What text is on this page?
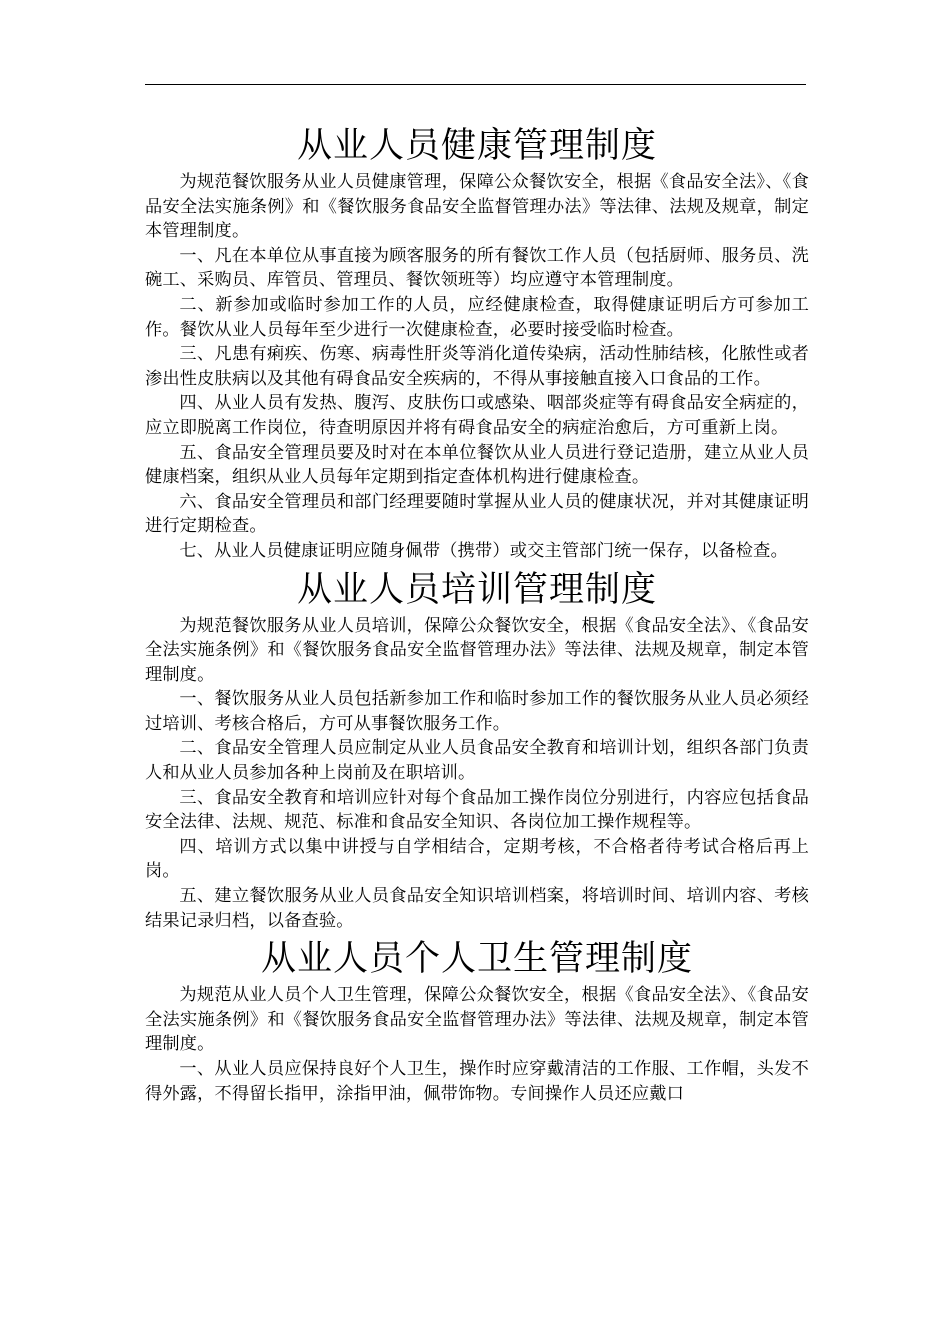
从业人员健康管理制度

为规范餐饮服务从业人员健康管理，保障公众餐饮安全，根据《食品安全法》、《食品安全法实施条例》和《餐饮服务食品安全监督管理办法》等法律、法规及规章，制定本管理制度。

一、凡在本单位从事直接为顾客服务的所有餐饮工作人员（包括厨师、服务员、洗碗工、采购员、库管员、管理员、餐饮领班等）均应遵守本管理制度。

二、新参加或临时参加工作的人员，应经健康检查，取得健康证明后方可参加工作。餐饮从业人员每年至少进行一次健康检查，必要时接受临时检查。

三、凡患有痢疾、伤寒、病毒性肝炎等消化道传染病，活动性肺结核，化脓性或者渗出性皮肤病以及其他有碍食品安全疾病的，不得从事接触直接入口食品的工作。

四、从业人员有发热、腹泻、皮肤伤口或感染、咽部炎症等有碍食品安全病症的，应立即脱离工作岗位，待查明原因并将有碍食品安全的病症治愈后，方可重新上岗。

五、食品安全管理员要及时对在本单位餐饮从业人员进行登记造册，建立从业人员健康档案，组织从业人员每年定期到指定查体机构进行健康检查。

六、食品安全管理员和部门经理要随时掌握从业人员的健康状况，并对其健康证明进行定期检查。

七、从业人员健康证明应随身佩带（携带）或交主管部门统一保存，以备检查。

从业人员培训管理制度

为规范餐饮服务从业人员培训，保障公众餐饮安全，根据《食品安全法》、《食品安全法实施条例》和《餐饮服务食品安全监督管理办法》等法律、法规及规章，制定本管理制度。

一、餐饮服务从业人员包括新参加工作和临时参加工作的餐饮服务从业人员必须经过培训、考核合格后，方可从事餐饮服务工作。

二、食品安全管理人员应制定从业人员食品安全教育和培训计划，组织各部门负责人和从业人员参加各种上岗前及在职培训。

三、食品安全教育和培训应针对每个食品加工操作岗位分别进行，内容应包括食品安全法律、法规、规范、标准和食品安全知识、各岗位加工操作规程等。

四、培训方式以集中讲授与自学相结合，定期考核，不合格者待考试合格后再上岗。

五、建立餐饮服务从业人员食品安全知识培训档案，将培训时间、培训内容、考核结果记录归档，以备查验。

从业人员个人卫生管理制度

为规范从业人员个人卫生管理，保障公众餐饮安全，根据《食品安全法》、《食品安全法实施条例》和《餐饮服务食品安全监督管理办法》等法律、法规及规章，制定本管理制度。

一、从业人员应保持良好个人卫生，操作时应穿戴清洁的工作服、工作帽，头发不得外露，不得留长指甲，涂指甲油，佩带饰物。专间操作人员还应戴口
